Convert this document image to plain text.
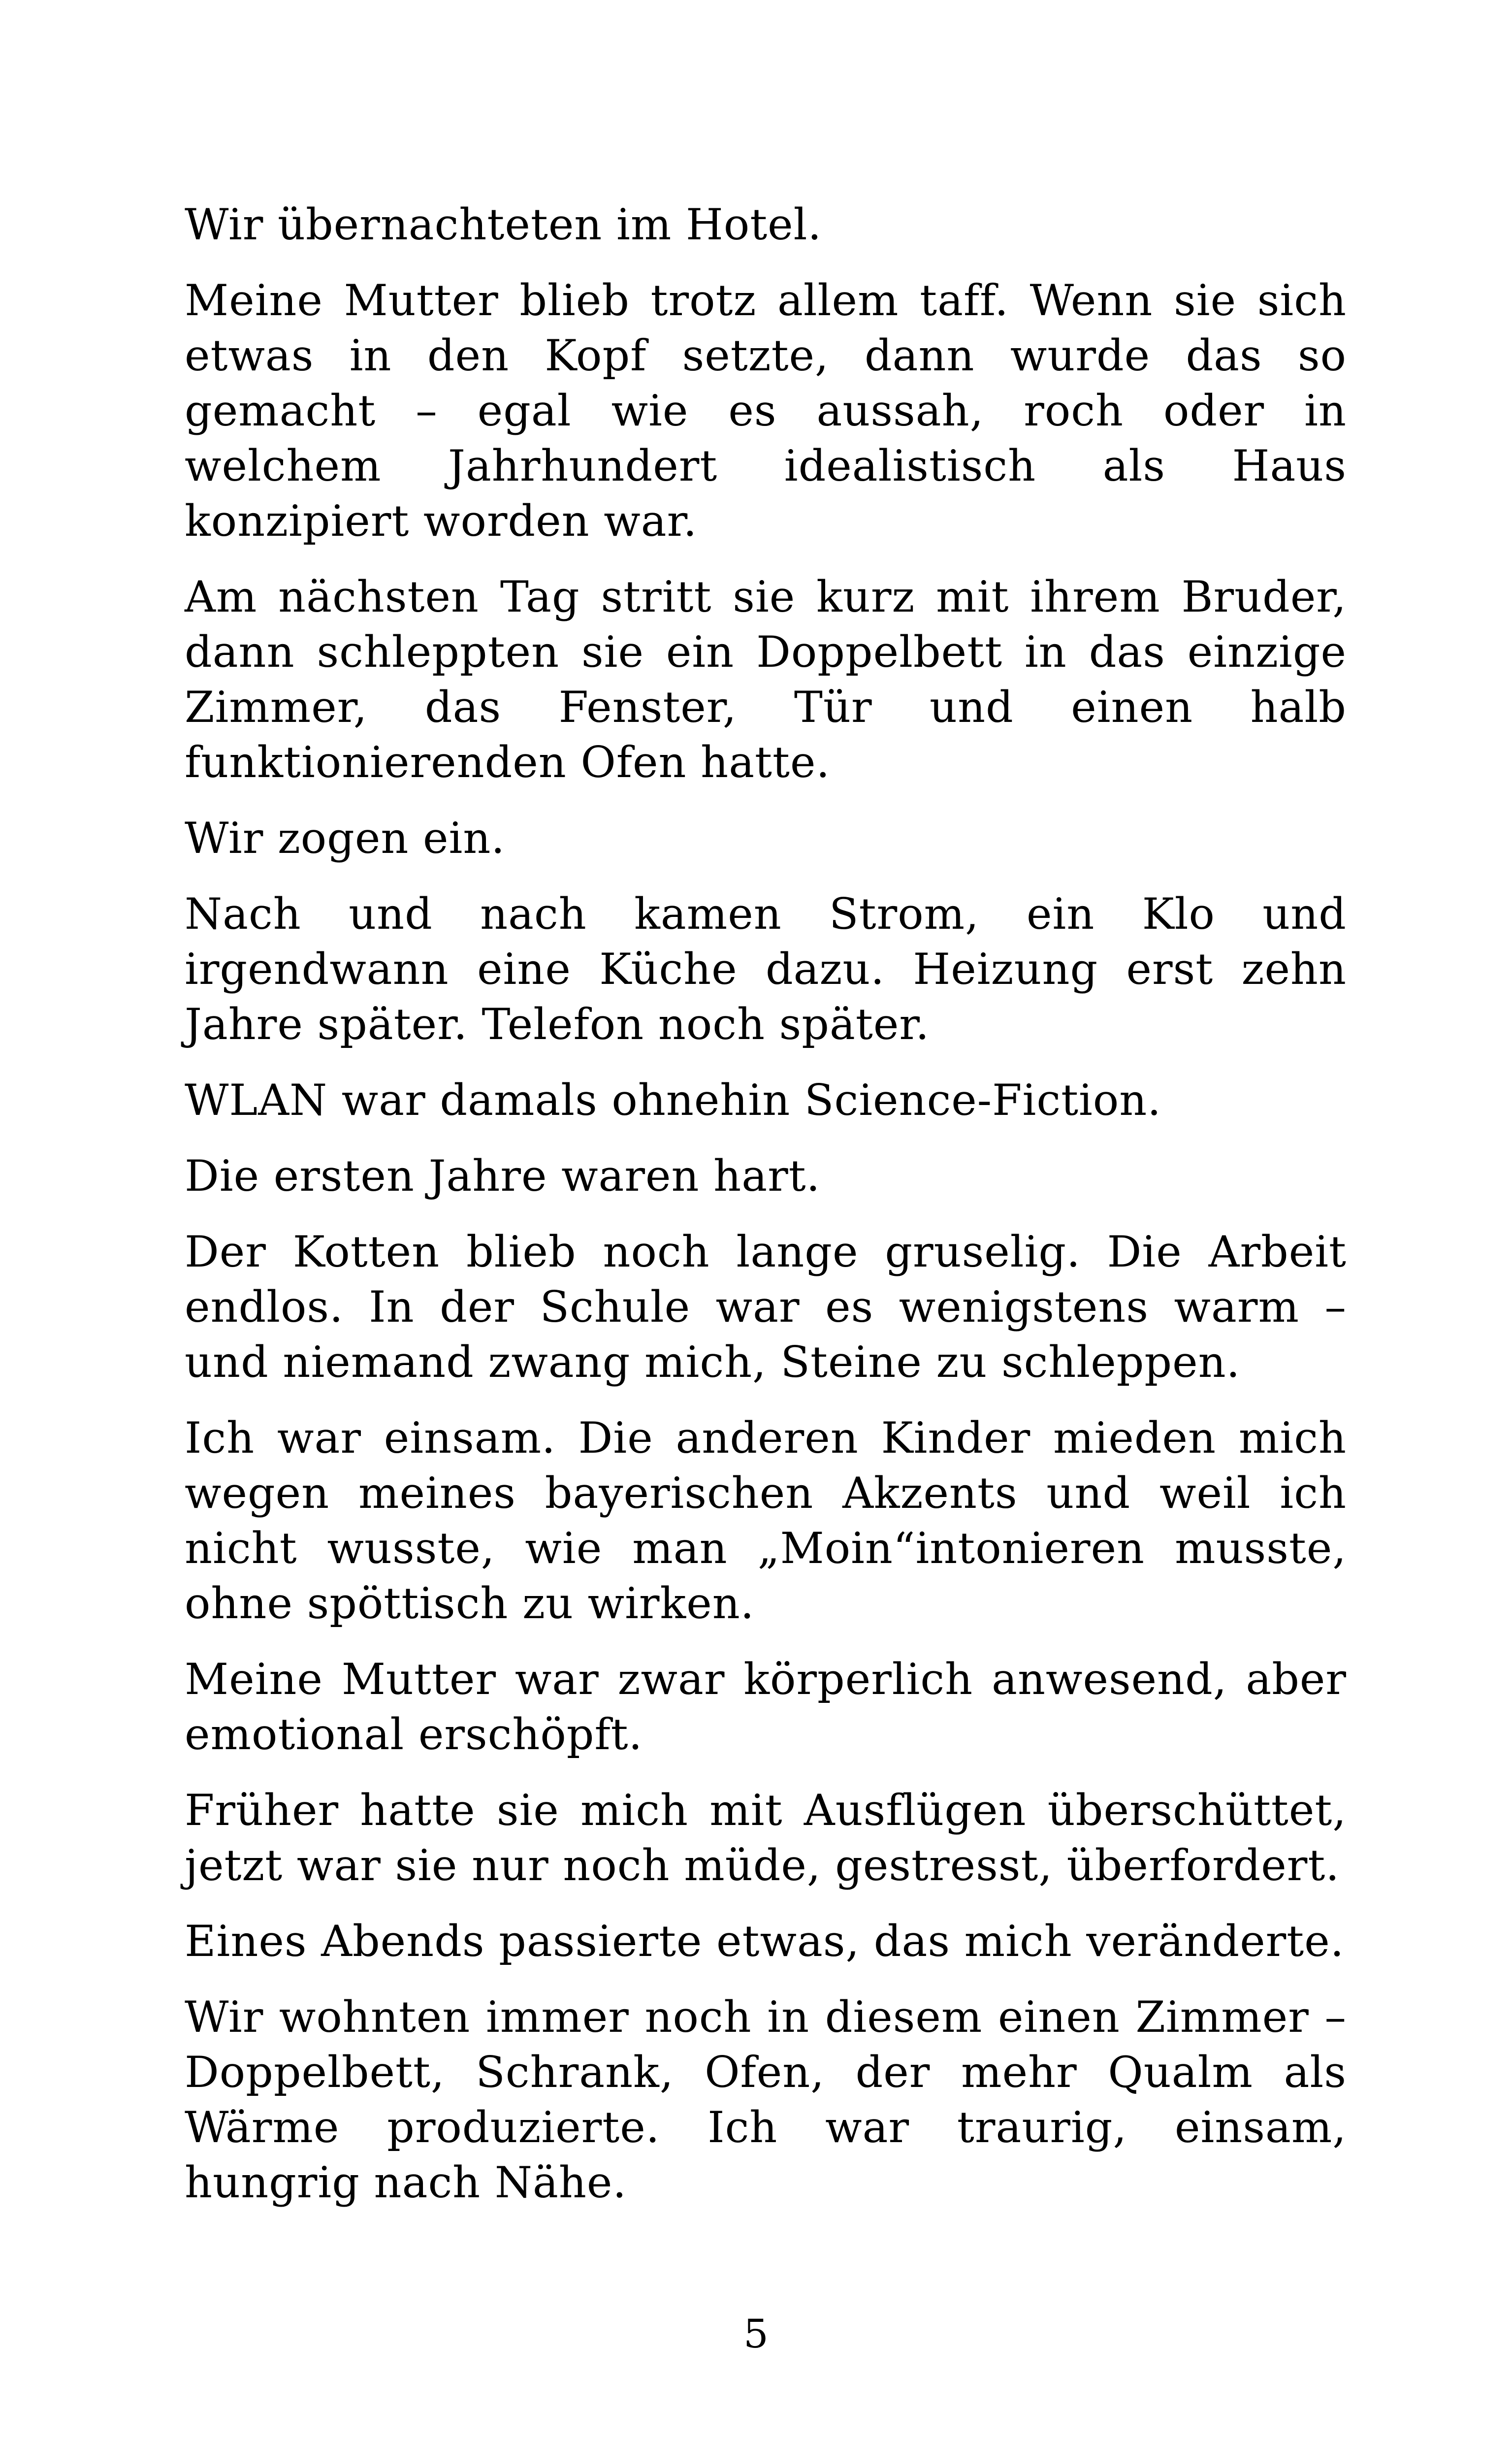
Wir übernachteten im Hotel.

Meine Mutter blieb trotz allem taff. Wenn sie sich etwas in den Kopf setzte, dann wurde das so gemacht – egal wie es aussah, roch oder in welchem Jahrhundert idealistisch als Haus konzipiert worden war.

Am nächsten Tag stritt sie kurz mit ihrem Bruder, dann schleppten sie ein Doppelbett in das einzige Zimmer, das Fenster, Tür und einen halb funktionierenden Ofen hatte.

Wir zogen ein.

Nach und nach kamen Strom, ein Klo und irgendwann eine Küche dazu. Heizung erst zehn Jahre später. Telefon noch später.

WLAN war damals ohnehin Science-Fiction.

Die ersten Jahre waren hart.

Der Kotten blieb noch lange gruselig. Die Arbeit endlos. In der Schule war es wenigstens warm – und niemand zwang mich, Steine zu schleppen.

Ich war einsam. Die anderen Kinder mieden mich wegen meines bayerischen Akzents und weil ich nicht wusste, wie man „Moin“intonieren musste, ohne spöttisch zu wirken.

Meine Mutter war zwar körperlich anwesend, aber emotional erschöpft.

Früher hatte sie mich mit Ausflügen überschüttet, jetzt war sie nur noch müde, gestresst, überfordert.

Eines Abends passierte etwas, das mich veränderte.

Wir wohnten immer noch in diesem einen Zimmer – Doppelbett, Schrank, Ofen, der mehr Qualm als Wärme produzierte. Ich war traurig, einsam, hungrig nach Nähe.

5
